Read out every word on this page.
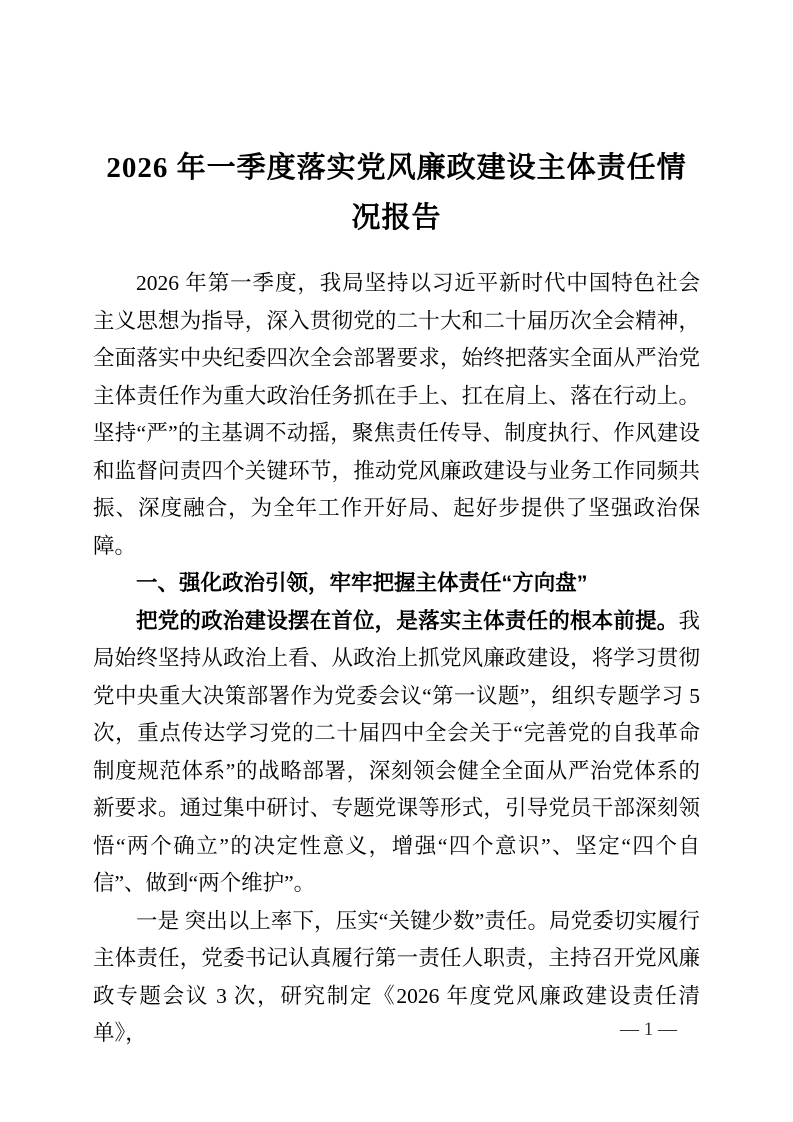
2026 年一季度落实党风廉政建设主体责任情况报告

2026 年第一季度，我局坚持以习近平新时代中国特色社会主义思想为指导，深入贯彻党的二十大和二十届历次全会精神，全面落实中央纪委四次全会部署要求，始终把落实全面从严治党主体责任作为重大政治任务抓在手上、扛在肩上、落在行动上。坚持“严”的主基调不动摇，聚焦责任传导、制度执行、作风建设和监督问责四个关键环节，推动党风廉政建设与业务工作同频共振、深度融合，为全年工作开好局、起好步提供了坚强政治保障。

一、强化政治引领，牢牢把握主体责任“方向盘”

把党的政治建设摆在首位，是落实主体责任的根本前提。我局始终坚持从政治上看、从政治上抓党风廉政建设，将学习贯彻党中央重大决策部署作为党委会议“第一议题”，组织专题学习 5 次，重点传达学习党的二十届四中全会关于“完善党的自我革命制度规范体系”的战略部署，深刻领会健全全面从严治党体系的新要求。通过集中研讨、专题党课等形式，引导党员干部深刻领悟“两个确立”的决定性意义，增强“四个意识”、坚定“四个自信”、做到“两个维护”。

一是 突出以上率下，压实“关键少数”责任。局党委切实履行主体责任，党委书记认真履行第一责任人职责，主持召开党风廉政专题会议 3 次，研究制定《2026 年度党风廉政建设责任清单》，	— 1 —
